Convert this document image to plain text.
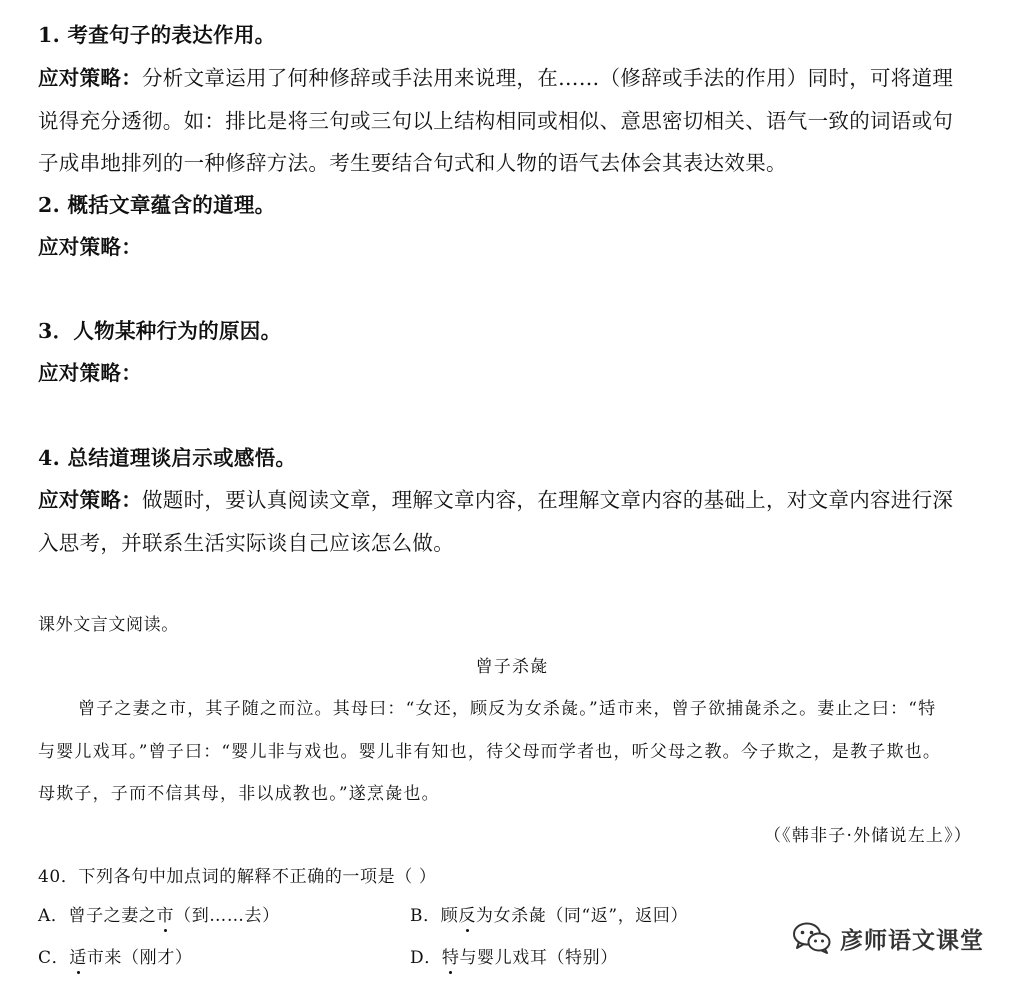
1. 考查句子的表达作用。
应对策略：分析文章运用了何种修辞或手法用来说理，在……（修辞或手法的作用）同时，可将道理
说得充分透彻。如：排比是将三句或三句以上结构相同或相似、意思密切相关、语气一致的词语或句
子成串地排列的一种修辞方法。考生要结合句式和人物的语气去体会其表达效果。
2. 概括文章蕴含的道理。
应对策略：
3．人物某种行为的原因。
应对策略：
4. 总结道理谈启示或感悟。
应对策略：做题时，要认真阅读文章，理解文章内容，在理解文章内容的基础上，对文章内容进行深
入思考，并联系生活实际谈自己应该怎么做。
课外文言文阅读。
曾子杀彘
曾子之妻之市，其子随之而泣。其母曰：“女还，顾反为女杀彘。”适市来，曾子欲捕彘杀之。妻止之曰：“特
与婴儿戏耳。”曾子曰：“婴儿非与戏也。婴儿非有知也，待父母而学者也，听父母之教。今子欺之，是教子欺也。
母欺子，子而不信其母，非以成教也。”遂烹彘也。
（《韩非子·外储说左上》）
40．下列各句中加点词的解释不正确的一项是（ ）
A．曾子之妻之市（到……去）	B．顾反为女杀彘（同“返”，返回）
C．适市来（刚才）	D．特与婴儿戏耳（特别）
彦师语文课堂
